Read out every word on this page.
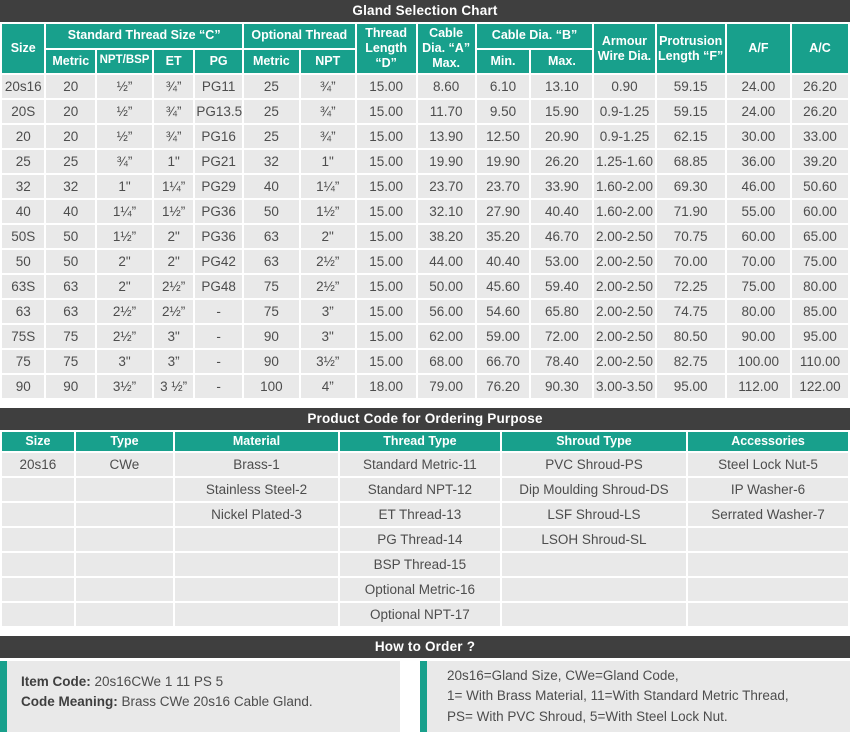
Gland Selection Chart
Size	Standard Thread Size “C”				Optional Thread		Thread Length “D”	Cable Dia. “A” Max.	Cable Dia. “B”		Armour Wire Dia.	Protrusion Length “F”	A/F	A/C
	Metric	NPT/BSP	ET	PG	Metric	NPT			Min.	Max.				
20s16	20	½”	¾”	PG11	25	¾”	15.00	8.60	6.10	13.10	0.90	59.15	24.00	26.20
20S	20	½”	¾”	PG13.5	25	¾”	15.00	11.70	9.50	15.90	0.9-1.25	59.15	24.00	26.20
20	20	½”	¾”	PG16	25	¾”	15.00	13.90	12.50	20.90	0.9-1.25	62.15	30.00	33.00
25	25	¾”	1"	PG21	32	1"	15.00	19.90	19.90	26.20	1.25-1.60	68.85	36.00	39.20
32	32	1"	1¼”	PG29	40	1¼”	15.00	23.70	23.70	33.90	1.60-2.00	69.30	46.00	50.60
40	40	1¼”	1½”	PG36	50	1½”	15.00	32.10	27.90	40.40	1.60-2.00	71.90	55.00	60.00
50S	50	1½”	2"	PG36	63	2"	15.00	38.20	35.20	46.70	2.00-2.50	70.75	60.00	65.00
50	50	2"	2"	PG42	63	2½”	15.00	44.00	40.40	53.00	2.00-2.50	70.00	70.00	75.00
63S	63	2"	2½”	PG48	75	2½”	15.00	50.00	45.60	59.40	2.00-2.50	72.25	75.00	80.00
63	63	2½”	2½”	-	75	3”	15.00	56.00	54.60	65.80	2.00-2.50	74.75	80.00	85.00
75S	75	2½”	3"	-	90	3"	15.00	62.00	59.00	72.00	2.00-2.50	80.50	90.00	95.00
75	75	3"	3”	-	90	3½”	15.00	68.00	66.70	78.40	2.00-2.50	82.75	100.00	110.00
90	90	3½”	3 ½”	-	100	4”	18.00	79.00	76.20	90.30	3.00-3.50	95.00	112.00	122.00
Product Code for Ordering Purpose
Size	Type	Material	Thread Type	Shroud Type	Accessories
20s16	CWe	Brass-1	Standard Metric-11	PVC Shroud-PS	Steel Lock Nut-5
		Stainless Steel-2	Standard NPT-12	Dip Moulding Shroud-DS	IP Washer-6
		Nickel Plated-3	ET Thread-13	LSF Shroud-LS	Serrated Washer-7
			PG Thread-14	LSOH Shroud-SL	
			BSP Thread-15		
			Optional Metric-16		
			Optional NPT-17		
How to Order ?
Item Code: 20s16CWe 1 11 PS 5
Code Meaning: Brass CWe 20s16 Cable Gland.
20s16=Gland Size, CWe=Gland Code,
1= With Brass Material, 11=With Standard Metric Thread,
PS= With PVC Shroud, 5=With Steel Lock Nut.
